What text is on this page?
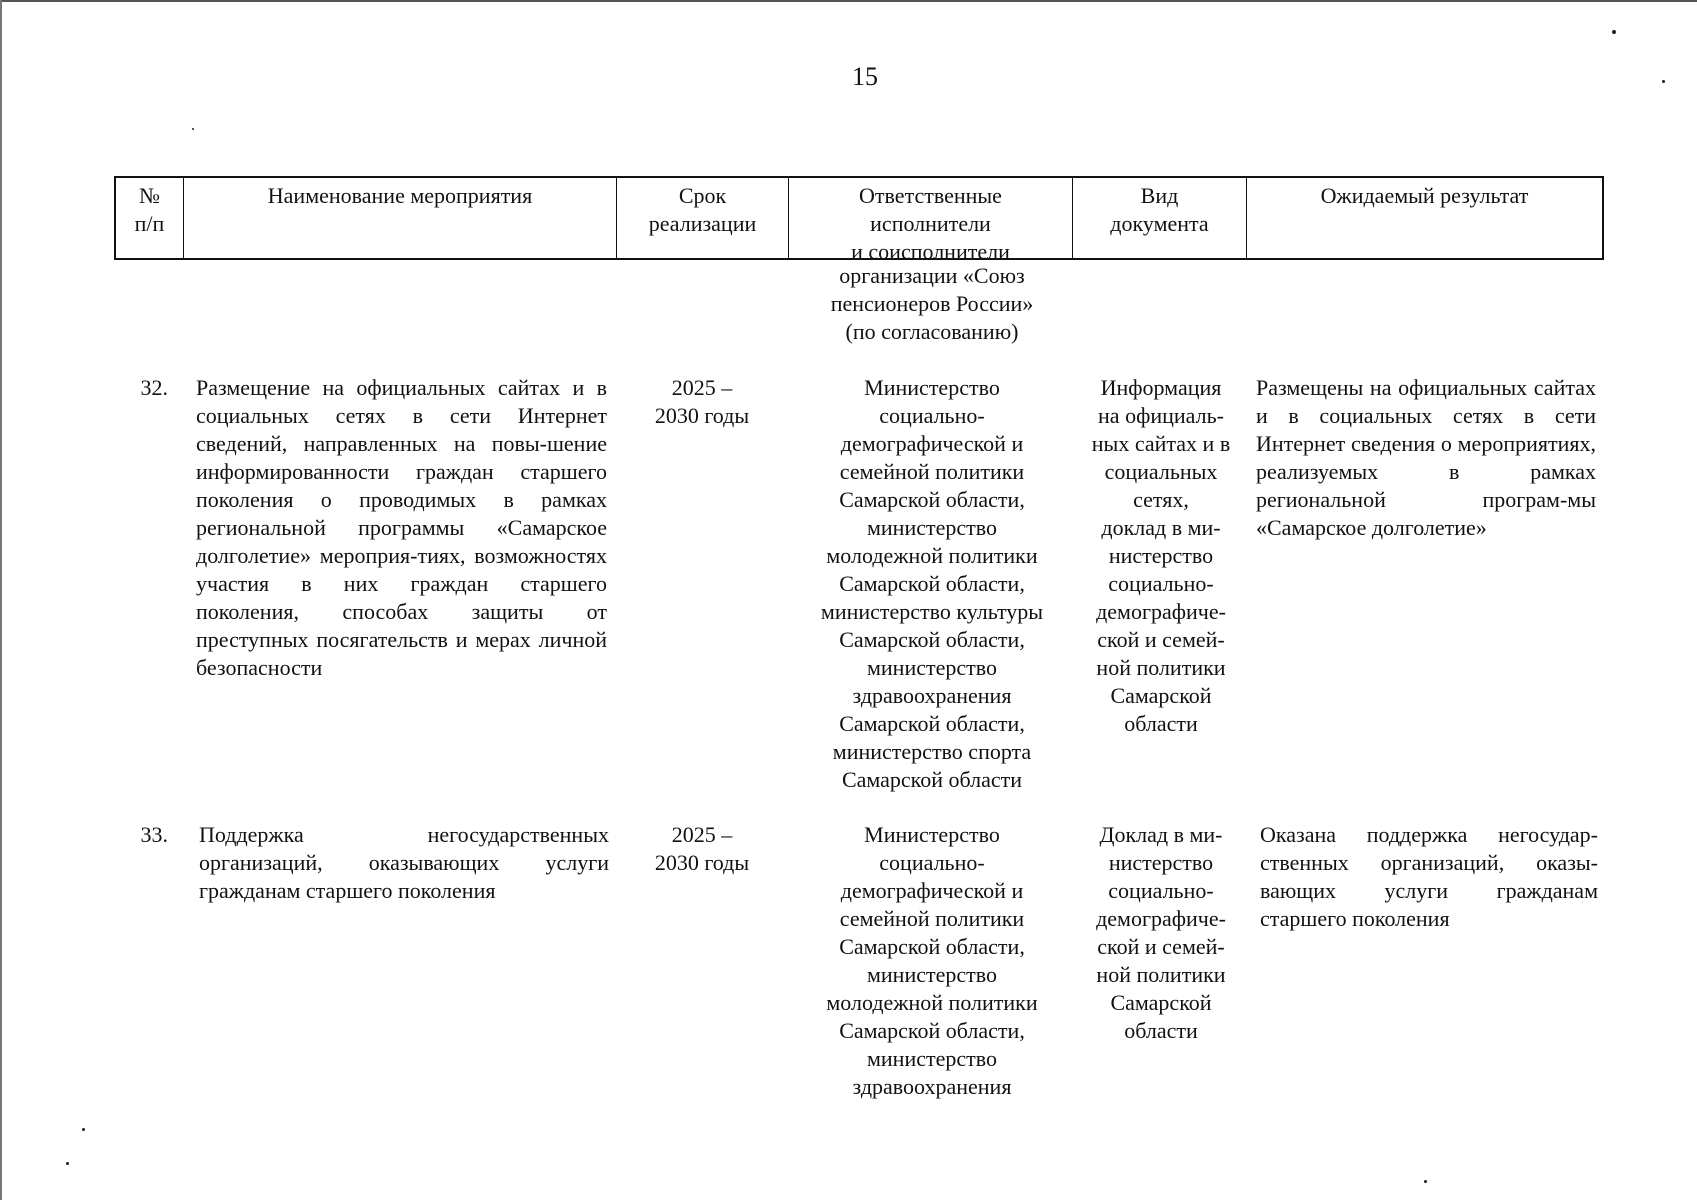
15
№
п/п
Наименование мероприятия	Срок
реализации
Ответственные
исполнители
и соисполнители
Вид
документа
Ожидаемый результат
организации «Союз
пенсионеров России»
(по согласованию)
32. Размещение на официальных сайтах и в социальных сетях в сети Интернет сведений, направленных на повы-шение информированности граждан старшего поколения о проводимых в рамках региональной программы «Самарское долголетие» мероприя-тиях, возможностях участия в них граждан старшего поколения, способах защиты от преступных посягательств и мерах личной безопасности
2025 –
2030 годы
Министерство
социально-
демографической и
семейной политики
Самарской области,
министерство
молодежной политики
Самарской области,
министерство культуры
Самарской области,
министерство
здравоохранения
Самарской области,
министерство спорта
Самарской области
Информация
на официаль-
ных сайтах и в
социальных
сетях,
доклад в ми-
нистерство
социально-
демографиче-
ской и семей-
ной политики
Самарской
области
Размещены на официальных сайтах и в социальных сетях в сети Интернет сведения о мероприятиях, реализуемых в рамках региональной програм-мы «Самарское долголетие»
33. Поддержка негосударственных организаций, оказывающих услуги гражданам старшего поколения
2025 –
2030 годы
Министерство
социально-
демографической и
семейной политики
Самарской области,
министерство
молодежной политики
Самарской области,
министерство
здравоохранения
Доклад в ми-
нистерство
социально-
демографиче-
ской и семей-
ной политики
Самарской
области
Оказана поддержка негосудар-ственных организаций, оказы-вающих услуги гражданам старшего поколения
